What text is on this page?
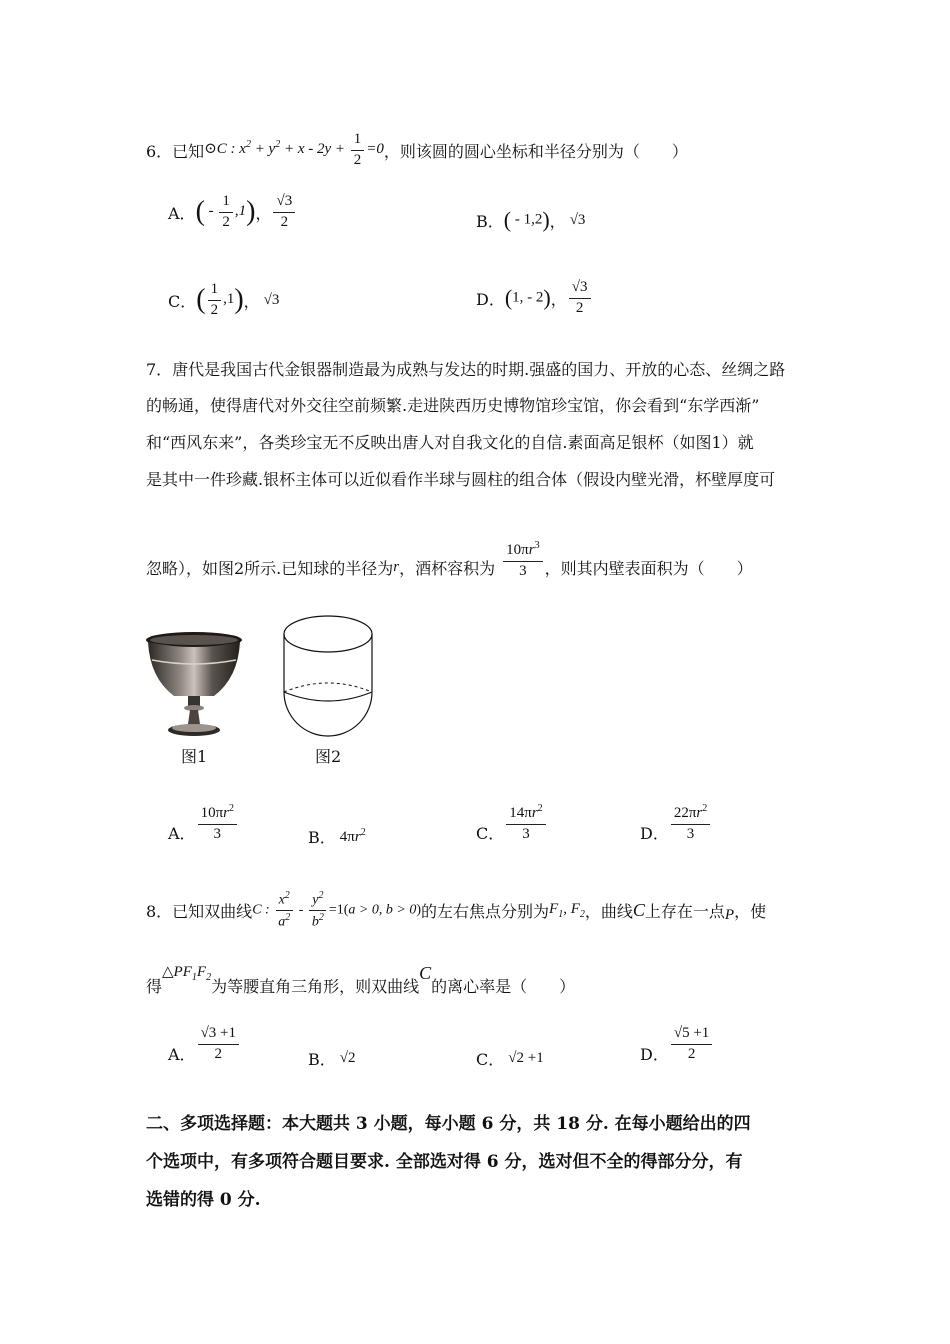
6．已知 ⊙C : $x^2 + y^2 + x - 2y + \frac{1}{2} =0$ ，则该圆的圆心坐标和半径分别为（　　）
A． ( - $\frac{1}{2} ,1$) ， $\frac{√3}{2}$	B． ( - 1,2) ， √3
C． ( $\frac{1}{2} ,1$) ， √3	D． (1, - 2) ， $\frac{√3}{2}$
7．唐代是我国古代金银器制造最为成熟与发达的时期.强盛的国力、开放的心态、丝绸之路
的畅通，使得唐代对外交往空前频繁.走进陕西历史博物馆珍宝馆，你会看到“东学西渐”
和“西风东来”，各类珍宝无不反映出唐人对自我文化的自信.素面高足银杯（如图1）就
是其中一件珍藏.银杯主体可以近似看作半球与圆柱的组合体（假设内壁光滑，杯壁厚度可
忽略），如图2所示.已知球的半径为 r ，酒杯容积为 $\frac{10\pi r^3}{3}$ ，则其内壁表面积为（　　）
图1	图2
A． $\frac{10\pi r^2}{3}$	B． $4\pi r^2$	C． $\frac{14\pi r^2}{3}$	D． $\frac{22\pi r^2}{3}$
8．已知双曲线 C : $\frac{x^2}{a^2} - \frac{y^2}{b^2} =1(a > 0$, b > 0) 的左右焦点分别为 $F_1$, $F_2$ ，曲线 C 上存在一点 P ，使
得
$\triangle PF_1F_2$ 为等腰直角三角形，则双曲线
C
的离心率是（　　）
A． $\frac{√3 +1}{2}$	B． √2	C． √2 +1	D． $\frac{√5 +1}{2}$
二、多项选择题：本大题共 3 小题，每小题 6 分，共 18 分. 在每小题给出的四
个选项中，有多项符合题目要求. 全部选对得 6 分，选对但不全的得部分分，有
选错的得 0 分.
